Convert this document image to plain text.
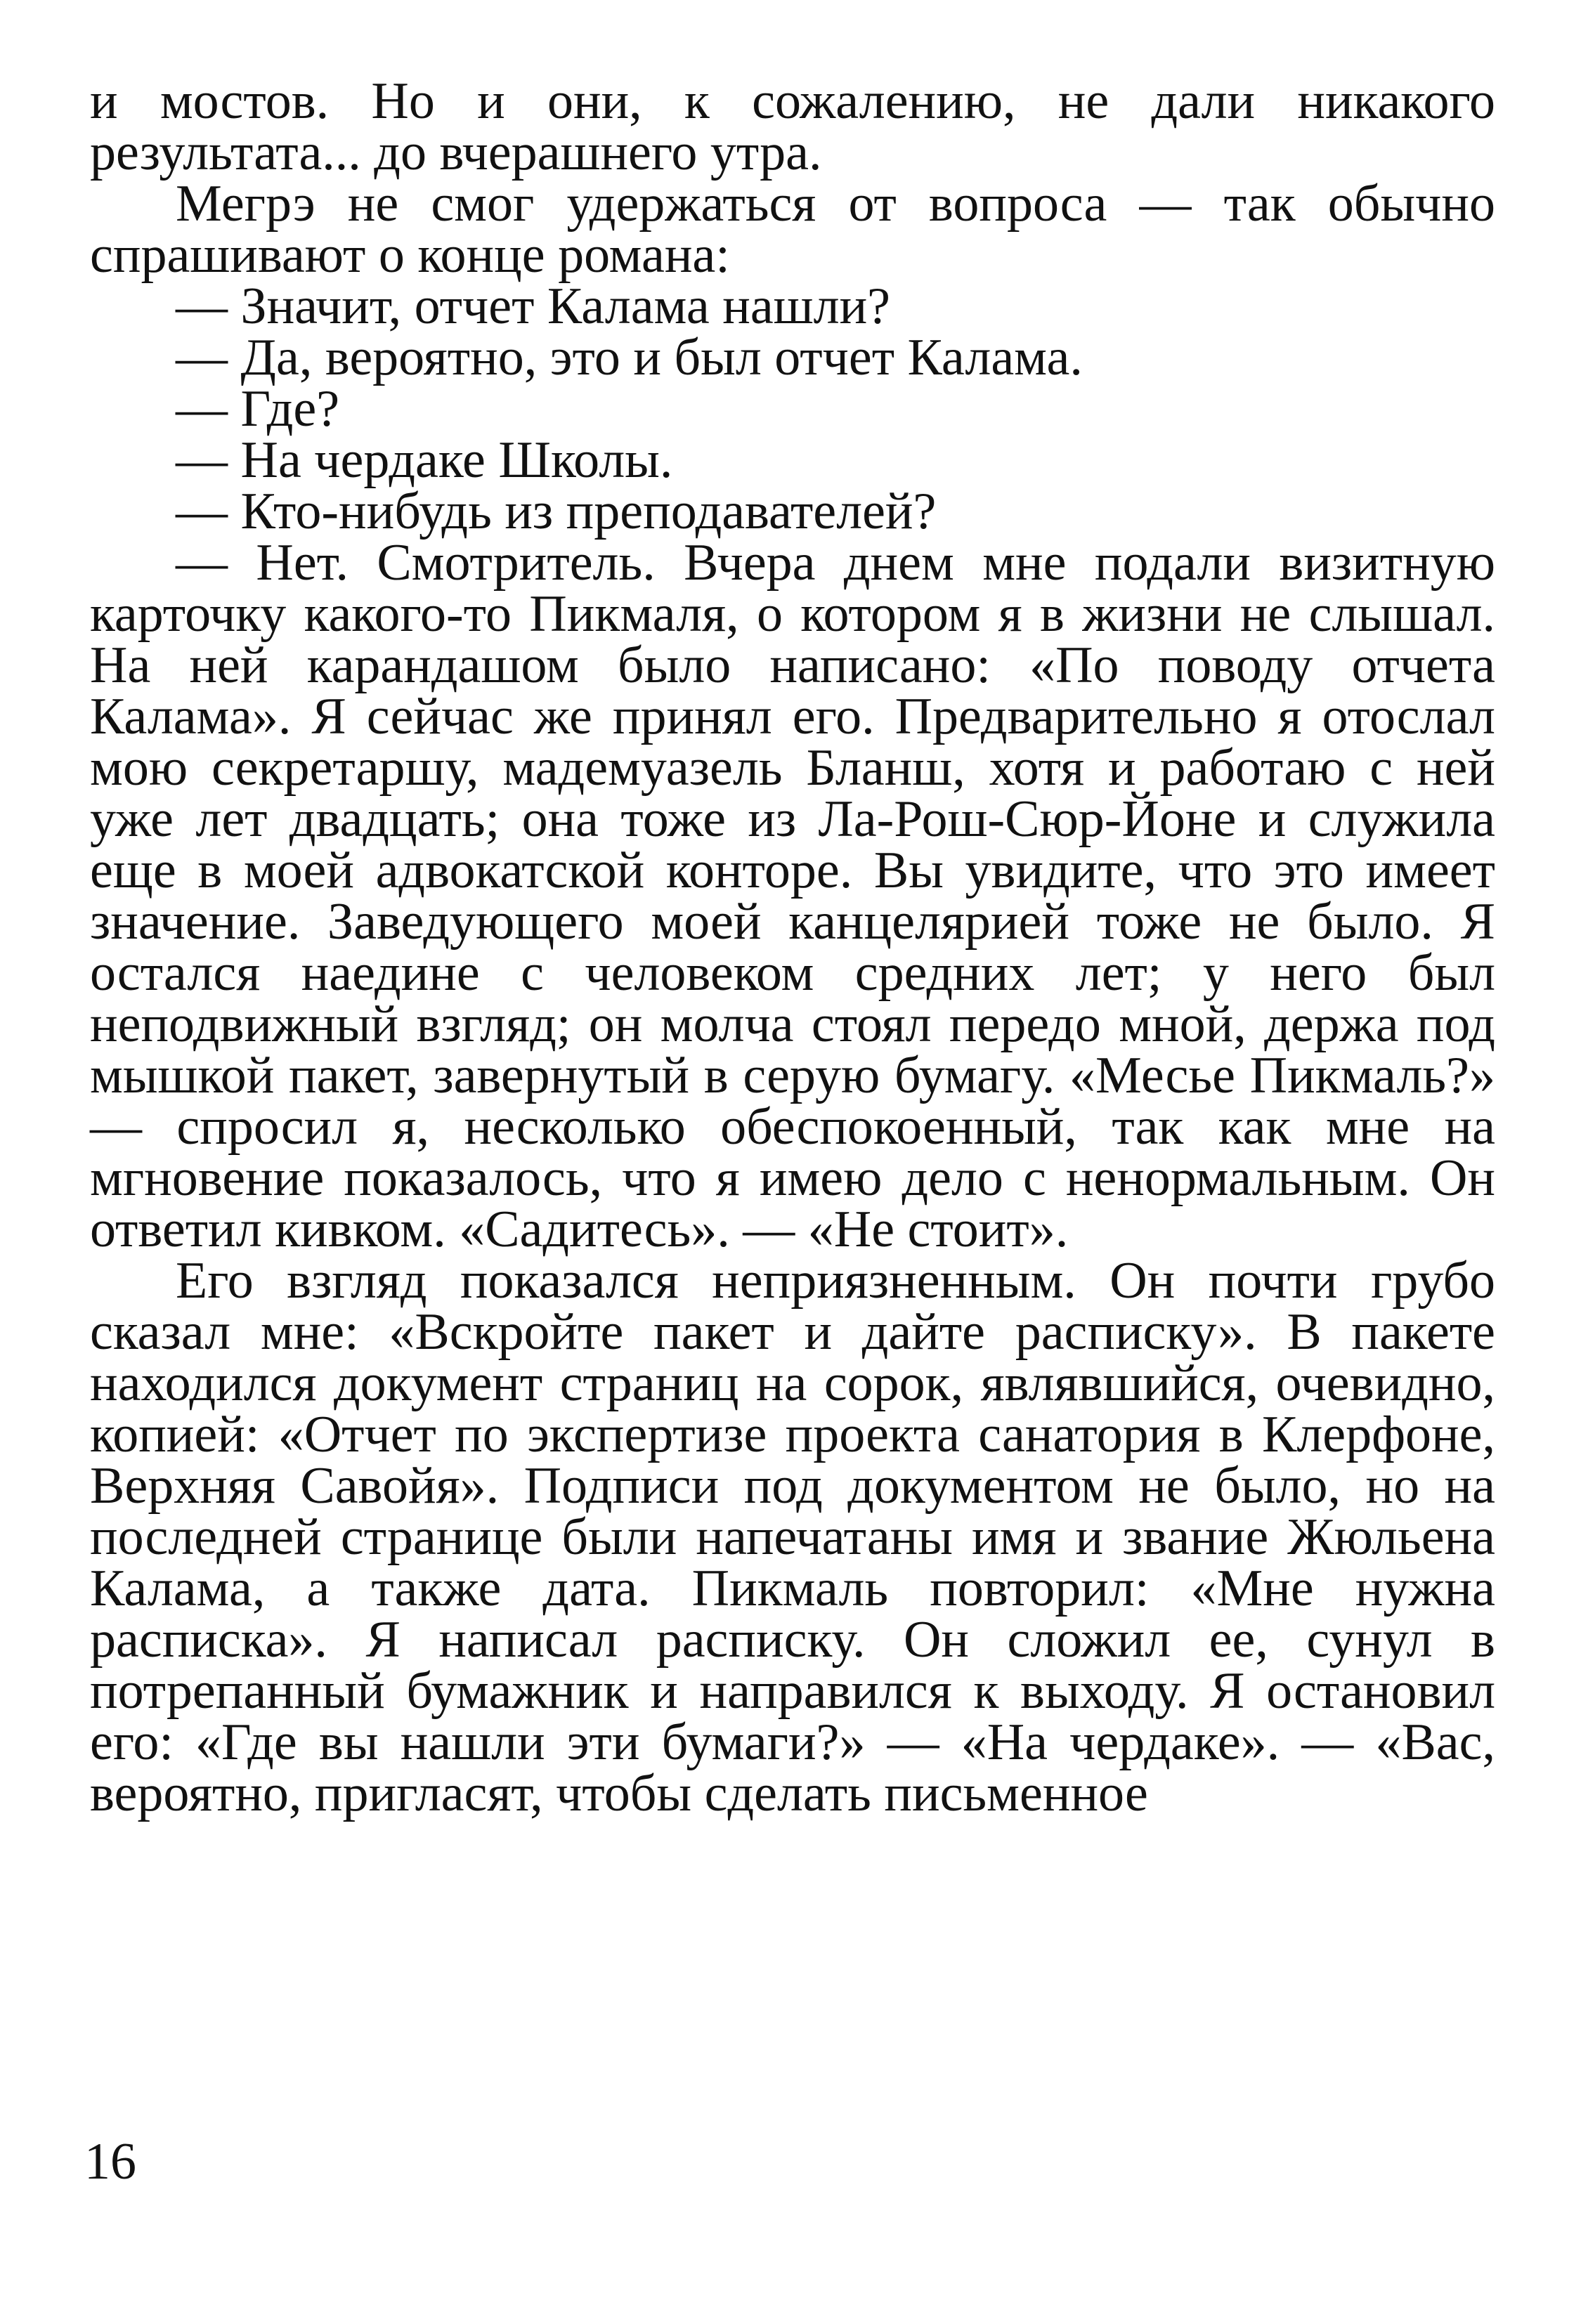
и мостов. Но и они, к сожалению, не дали никакого результата... до вчерашнего утра.

Мегрэ не смог удержаться от вопроса — так обычно спрашивают о конце романа:

— Значит, отчет Калама нашли?

— Да, вероятно, это и был отчет Калама.

— Где?

— На чердаке Школы.

— Кто-нибудь из преподавателей?

— Нет. Смотритель. Вчера днем мне подали визитную карточку какого-то Пикмаля, о котором я в жизни не слышал. На ней карандашом было написано: «По поводу отчета Калама». Я сейчас же принял его. Предварительно я отослал мою секретаршу, мадемуазель Бланш, хотя и работаю с ней уже лет двадцать; она тоже из Ла-Рош-Сюр-Йоне и служила еще в моей адвокатской конторе. Вы увидите, что это имеет значение. Заведующего моей канцелярией тоже не было. Я остался наедине с человеком средних лет; у него был неподвижный взгляд; он молча стоял передо мной, держа под мышкой пакет, завернутый в серую бумагу. «Месье Пикмаль?» — спросил я, несколько обеспокоенный, так как мне на мгновение показалось, что я имею дело с ненормальным. Он ответил кивком. «Садитесь». — «Не стоит».

Его взгляд показался неприязненным. Он почти грубо сказал мне: «Вскройте пакет и дайте расписку». В пакете находился документ страниц на сорок, являвшийся, очевидно, копией: «Отчет по экспертизе проекта санатория в Клерфоне, Верхняя Савойя». Подписи под документом не было, но на последней странице были напечатаны имя и звание Жюльена Калама, а также дата. Пикмаль повторил: «Мне нужна расписка». Я написал расписку. Он сложил ее, сунул в потрепанный бумажник и направился к выходу. Я остановил его: «Где вы нашли эти бумаги?» — «На чердаке». — «Вас, вероятно, пригласят, чтобы сделать письменное

16
